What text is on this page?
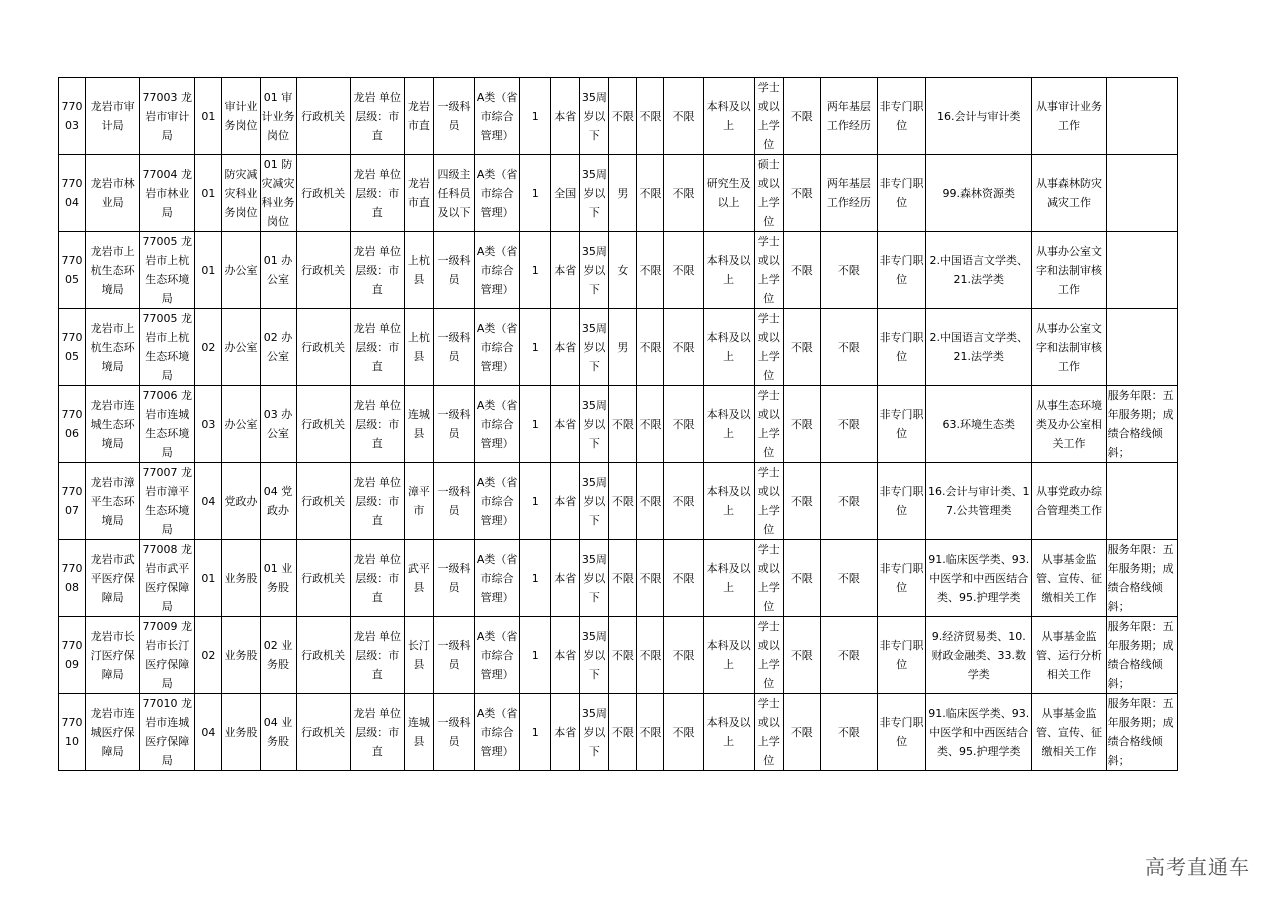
77003	龙岩市审计局	77003 龙岩市审计局	01	审计业务岗位	01 审计业务岗位	行政机关	龙岩 单位层级：市直	龙岩市直	一级科员	A类（省市综合管理）	1	本省	35周岁以下	不限	不限	不限	本科及以上	学士或以上学位	不限	两年基层工作经历	非专门职位	16.会计与审计类	从事审计业务工作	
77004	龙岩市林业局	77004 龙岩市林业局	01	防灾减灾科业务岗位	01 防灾减灾科业务岗位	行政机关	龙岩 单位层级：市直	龙岩市直	四级主任科员及以下	A类（省市综合管理）	1	全国	35周岁以下	男	不限	不限	研究生及以上	硕士或以上学位	不限	两年基层工作经历	非专门职位	99.森林资源类	从事森林防灾减灾工作	
77005	龙岩市上杭生态环境局	77005 龙岩市上杭生态环境局	01	办公室	01 办公室	行政机关	龙岩 单位层级：市直	上杭县	一级科员	A类（省市综合管理）	1	本省	35周岁以下	女	不限	不限	本科及以上	学士或以上学位	不限	不限	非专门职位	2.中国语言文学类、21.法学类	从事办公室文字和法制审核工作	
77005	龙岩市上杭生态环境局	77005 龙岩市上杭生态环境局	02	办公室	02 办公室	行政机关	龙岩 单位层级：市直	上杭县	一级科员	A类（省市综合管理）	1	本省	35周岁以下	男	不限	不限	本科及以上	学士或以上学位	不限	不限	非专门职位	2.中国语言文学类、21.法学类	从事办公室文字和法制审核工作	
77006	龙岩市连城生态环境局	77006 龙岩市连城生态环境局	03	办公室	03 办公室	行政机关	龙岩 单位层级：市直	连城县	一级科员	A类（省市综合管理）	1	本省	35周岁以下	不限	不限	不限	本科及以上	学士或以上学位	不限	不限	非专门职位	63.环境生态类	从事生态环境类及办公室相关工作	服务年限：五年服务期；成绩合格线倾斜；
77007	龙岩市漳平生态环境局	77007 龙岩市漳平生态环境局	04	党政办	04 党政办	行政机关	龙岩 单位层级：市直	漳平市	一级科员	A类（省市综合管理）	1	本省	35周岁以下	不限	不限	不限	本科及以上	学士或以上学位	不限	不限	非专门职位	16.会计与审计类、17.公共管理类	从事党政办综合管理类工作	
77008	龙岩市武平医疗保障局	77008 龙岩市武平医疗保障局	01	业务股	01 业务股	行政机关	龙岩 单位层级：市直	武平县	一级科员	A类（省市综合管理）	1	本省	35周岁以下	不限	不限	不限	本科及以上	学士或以上学位	不限	不限	非专门职位	91.临床医学类、93.中医学和中西医结合类、95.护理学类	从事基金监管、宣传、征缴相关工作	服务年限：五年服务期；成绩合格线倾斜；
77009	龙岩市长汀医疗保障局	77009 龙岩市长汀医疗保障局	02	业务股	02 业务股	行政机关	龙岩 单位层级：市直	长汀县	一级科员	A类（省市综合管理）	1	本省	35周岁以下	不限	不限	不限	本科及以上	学士或以上学位	不限	不限	非专门职位	9.经济贸易类、10.财政金融类、33.数学类	从事基金监管、运行分析相关工作	服务年限：五年服务期；成绩合格线倾斜；
77010	龙岩市连城医疗保障局	77010 龙岩市连城医疗保障局	04	业务股	04 业务股	行政机关	龙岩 单位层级：市直	连城县	一级科员	A类（省市综合管理）	1	本省	35周岁以下	不限	不限	不限	本科及以上	学士或以上学位	不限	不限	非专门职位	91.临床医学类、93.中医学和中西医结合类、95.护理学类	从事基金监管、宣传、征缴相关工作	服务年限：五年服务期；成绩合格线倾斜；
高考直通车
